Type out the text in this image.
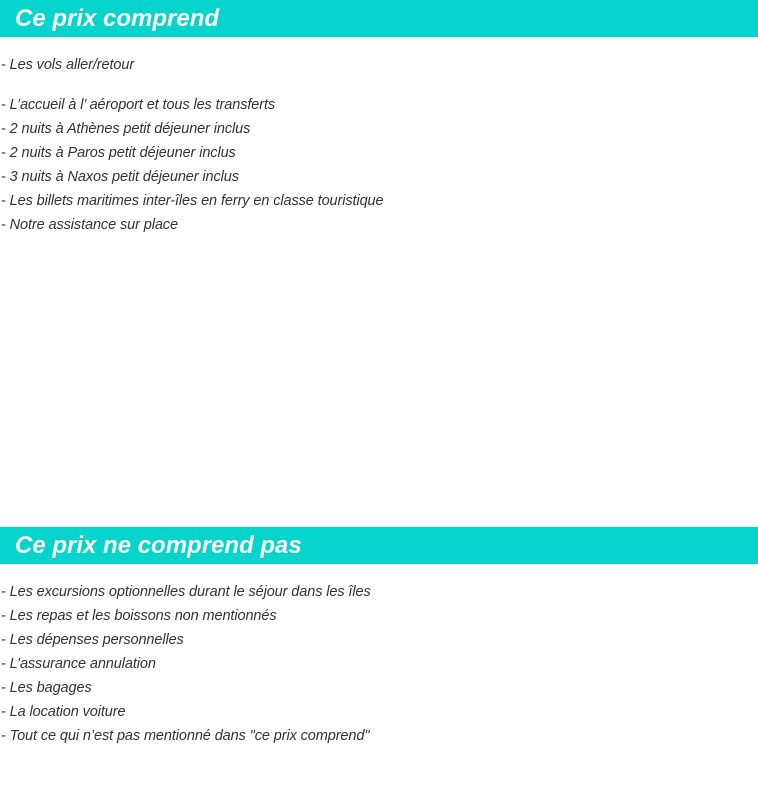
Ce prix comprend
- Les vols aller/retour
- L’accueil à l’ aéroport et tous les transferts
- 2 nuits à Athènes petit déjeuner inclus
- 2 nuits à Paros petit déjeuner inclus
- 3 nuits à Naxos petit déjeuner inclus
- Les billets maritimes inter-îles en ferry en classe touristique
- Notre assistance sur place
Ce prix ne comprend pas
- Les excursions optionnelles durant le séjour dans les îles
- Les repas et les boissons non mentionnés
- Les dépenses personnelles
- L’assurance annulation
- Les bagages
- La location voiture
- Tout ce qui n’est pas mentionné dans "ce prix comprend"
